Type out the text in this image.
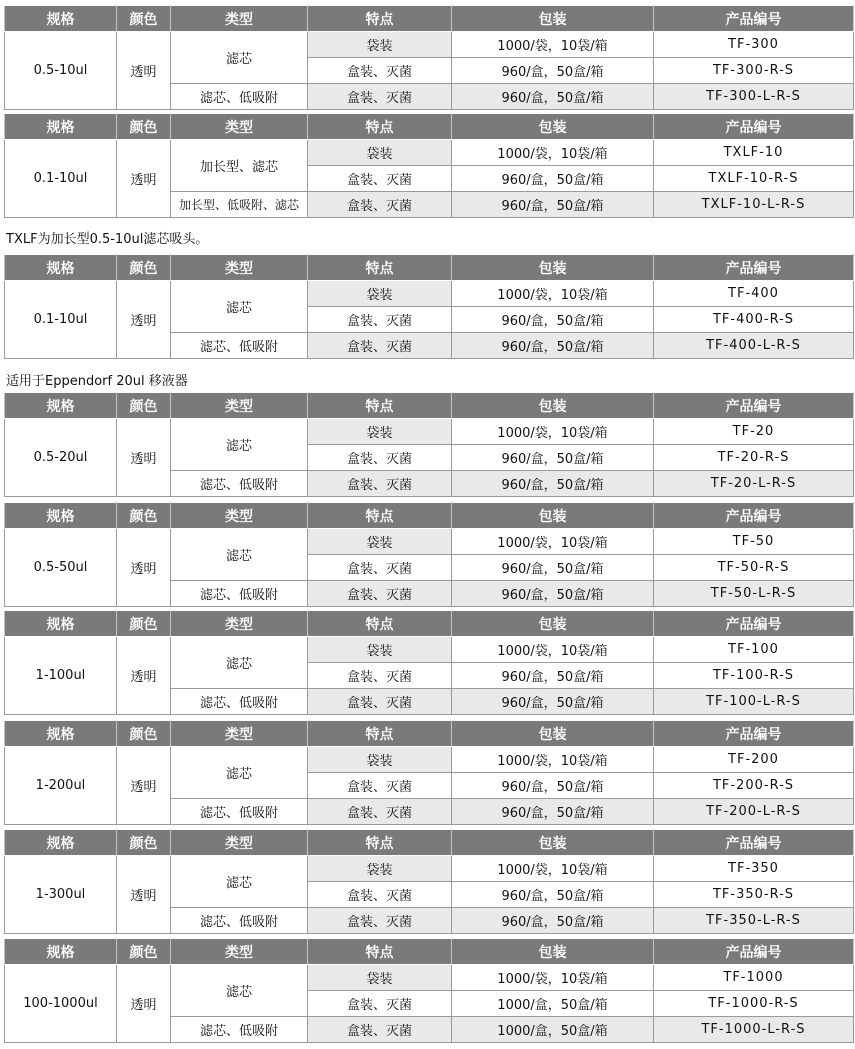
规格	颜色	类型	特点	包装	产品编号
0.5-10ul	透明	滤芯	袋装	1000/袋，10袋/箱	TF-300
			盒装、灭菌	960/盒，50盒/箱	TF-300-R-S
		滤芯、低吸附	盒装、灭菌	960/盒，50盒/箱	TF-300-L-R-S
规格	颜色	类型	特点	包装	产品编号
0.1-10ul	透明	加长型、滤芯	袋装	1000/袋，10袋/箱	TXLF-10
			盒装、灭菌	960/盒，50盒/箱	TXLF-10-R-S
		加长型、低吸附、滤芯	盒装、灭菌	960/盒，50盒/箱	TXLF-10-L-R-S
规格	颜色	类型	特点	包装	产品编号
0.1-10ul	透明	滤芯	袋装	1000/袋，10袋/箱	TF-400
			盒装、灭菌	960/盒，50盒/箱	TF-400-R-S
		滤芯、低吸附	盒装、灭菌	960/盒，50盒/箱	TF-400-L-R-S
规格	颜色	类型	特点	包装	产品编号
0.5-20ul	透明	滤芯	袋装	1000/袋，10袋/箱	TF-20
			盒装、灭菌	960/盒，50盒/箱	TF-20-R-S
		滤芯、低吸附	盒装、灭菌	960/盒，50盒/箱	TF-20-L-R-S
规格	颜色	类型	特点	包装	产品编号
0.5-50ul	透明	滤芯	袋装	1000/袋，10袋/箱	TF-50
			盒装、灭菌	960/盒，50盒/箱	TF-50-R-S
		滤芯、低吸附	盒装、灭菌	960/盒，50盒/箱	TF-50-L-R-S
规格	颜色	类型	特点	包装	产品编号
1-100ul	透明	滤芯	袋装	1000/袋，10袋/箱	TF-100
			盒装、灭菌	960/盒，50盒/箱	TF-100-R-S
		滤芯、低吸附	盒装、灭菌	960/盒，50盒/箱	TF-100-L-R-S
规格	颜色	类型	特点	包装	产品编号
1-200ul	透明	滤芯	袋装	1000/袋，10袋/箱	TF-200
			盒装、灭菌	960/盒，50盒/箱	TF-200-R-S
		滤芯、低吸附	盒装、灭菌	960/盒，50盒/箱	TF-200-L-R-S
规格	颜色	类型	特点	包装	产品编号
1-300ul	透明	滤芯	袋装	1000/袋，10袋/箱	TF-350
			盒装、灭菌	960/盒，50盒/箱	TF-350-R-S
		滤芯、低吸附	盒装、灭菌	960/盒，50盒/箱	TF-350-L-R-S
规格	颜色	类型	特点	包装	产品编号
100-1000ul	透明	滤芯	袋装	1000/袋，10袋/箱	TF-1000
			盒装、灭菌	1000/盒，50盒/箱	TF-1000-R-S
		滤芯、低吸附	盒装、灭菌	1000/盒，50盒/箱	TF-1000-L-R-S
TXLF为加长型0.5-10ul滤芯吸头。
适用于Eppendorf 20ul 移液器
